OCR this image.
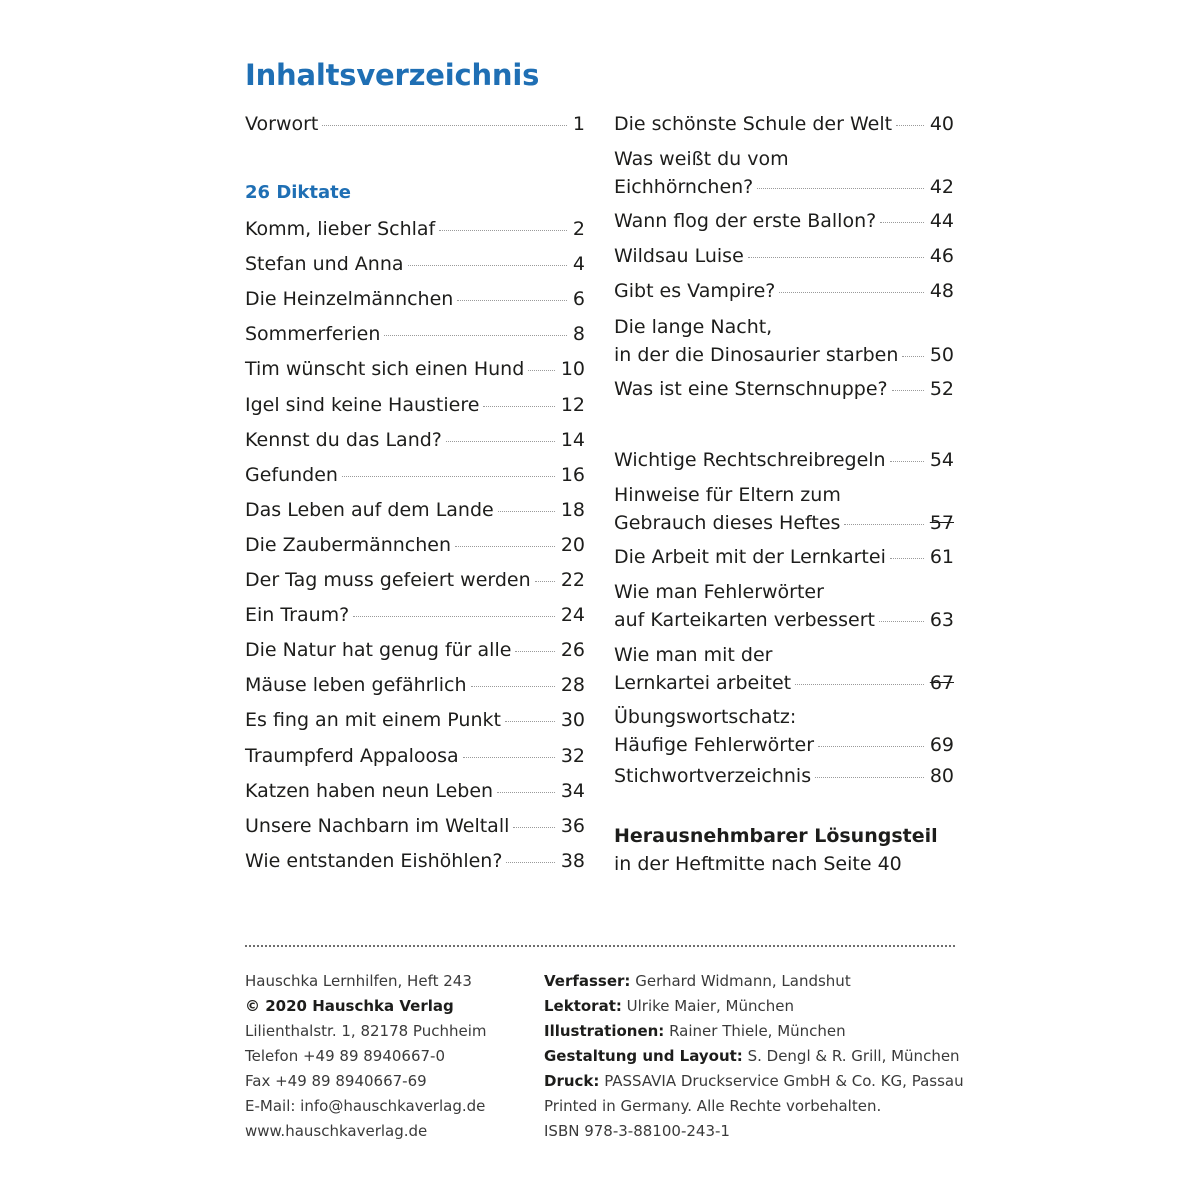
Inhaltsverzeichnis
Vorwort	1
26 Diktate
Komm, lieber Schlaf	2
Stefan und Anna	4
Die Heinzelmännchen	6
Sommerferien	8
Tim wünscht sich einen Hund 10
Igel sind keine Haustiere	12
Kennst du das Land?	14
Gefunden	16
Das Leben auf dem Lande	18
Die Zaubermännchen	20
Der Tag muss gefeiert werden 22
Ein Traum?	24
Die Natur hat genug für alle	26
Mäuse leben gefährlich	28
Es fing an mit einem Punkt	30
Traumpferd Appaloosa	32
Katzen haben neun Leben	34
Unsere Nachbarn im Weltall	36
Wie entstanden Eishöhlen?	38
Die schönste Schule der Welt 40
Was weißt du vom
Eichhörnchen?	42
Wann flog der erste Ballon?	44
Wildsau Luise	46
Gibt es Vampire?	48
Die lange Nacht,
in der die Dinosaurier starben 50
Was ist eine Sternschnuppe? 52
Wichtige Rechtschreibregeln 54
Hinweise für Eltern zum
Gebrauch dieses Heftes	57
Die Arbeit mit der Lernkartei 61
Wie man Fehlerwörter
auf Karteikarten verbessert	63
Wie man mit der
Lernkartei arbeitet	67
Übungswortschatz:
Häufige Fehlerwörter	69
Stichwortverzeichnis	80
Herausnehmbarer Lösungsteil
in der Heftmitte nach Seite 40
Hauschka Lernhilfen, Heft 243
© 2020 Hauschka Verlag
Lilienthalstr. 1, 82178 Puchheim
Telefon +49 89 8940667-0
Fax +49 89 8940667-69
E-Mail: info@hauschkaverlag.de
www.hauschkaverlag.de
Verfasser: Gerhard Widmann, Landshut
Lektorat: Ulrike Maier, München
Illustrationen: Rainer Thiele, München
Gestaltung und Layout: S. Dengl & R. Grill, München
Druck: PASSAVIA Druckservice GmbH & Co. KG, Passau
Printed in Germany. Alle Rechte vorbehalten.
ISBN 978-3-88100-243-1
